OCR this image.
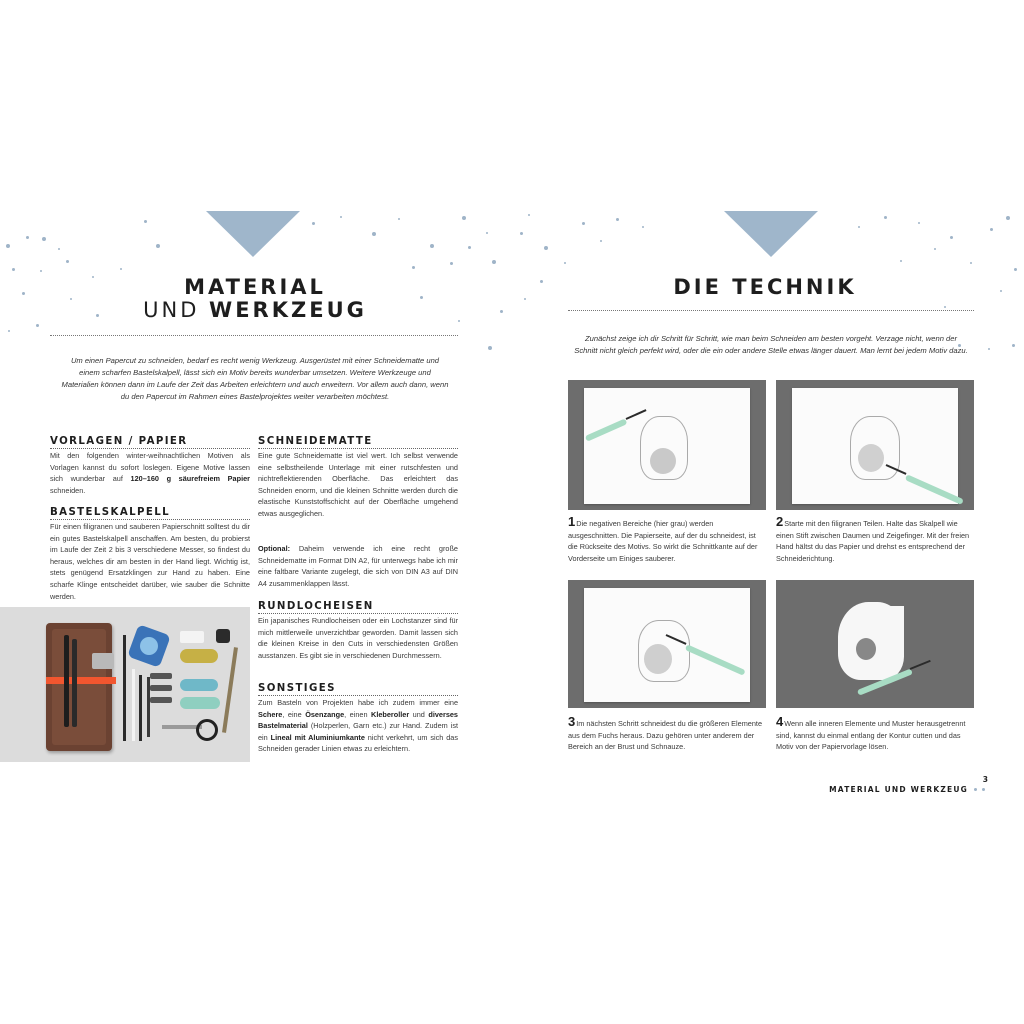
MATERIAL
UND WERKZEUG
Um einen Papercut zu schneiden, bedarf es recht wenig Werkzeug. Ausgerüstet mit einer Schneidematte und einem scharfen Bastelskalpell, lässt sich ein Motiv bereits wunderbar umsetzen. Weitere Werkzeuge und Materialien können dann im Laufe der Zeit das Arbeiten erleichtern und auch erweitern. Vor allem auch dann, wenn du den Papercut im Rahmen eines Bastelprojektes weiter verarbeiten möchtest.
VORLAGEN / PAPIER
Mit den folgenden winter-weihnachtlichen Motiven als Vorlagen kannst du sofort loslegen. Eigene Motive lassen sich wunderbar auf 120–160 g säurefreiem Papier schneiden.
BASTELSKALPELL
Für einen filigranen und sauberen Papierschnitt solltest du dir ein gutes Bastelskalpell anschaffen. Am besten, du probierst im Laufe der Zeit 2 bis 3 verschiedene Messer, so findest du heraus, welches dir am besten in der Hand liegt. Wichtig ist, stets genügend Ersatzklingen zur Hand zu haben. Eine scharfe Klinge entscheidet darüber, wie sauber die Schnitte werden.
SCHNEIDEMATTE
Eine gute Schneidematte ist viel wert. Ich selbst verwende eine selbstheilende Unterlage mit einer rutschfesten und nichtreflektierenden Oberfläche. Das erleichtert das Schneiden enorm, und die kleinen Schnitte werden durch die elastische Kunststoffschicht auf der Oberfläche umgehend etwas ausgeglichen.
Optional: Daheim verwende ich eine recht große Schneidematte im Format DIN A2, für unterwegs habe ich mir eine faltbare Variante zugelegt, die sich von DIN A3 auf DIN A4 zusammenklappen lässt.
RUNDLOCHEISEN
Ein japanisches Rundlocheisen oder ein Lochstanzer sind für mich mittlerweile unverzichtbar geworden. Damit lassen sich die kleinen Kreise in den Cuts in verschiedensten Größen ausstanzen. Es gibt sie in verschiedenen Durchmessern.
SONSTIGES
Zum Basteln von Projekten habe ich zudem immer eine Schere, eine Ösenzange, einen Kleberoller und diverses Bastelmaterial (Holzperlen, Garn etc.) zur Hand. Zudem ist ein Lineal mit Aluminiumkante nicht verkehrt, um sich das Schneiden gerader Linien etwas zu erleichtern.
DIE TECHNIK
Zunächst zeige ich dir Schritt für Schritt, wie man beim Schneiden am besten vorgeht. Verzage nicht, wenn der Schnitt nicht gleich perfekt wird, oder die ein oder andere Stelle etwas länger dauert. Man lernt bei jedem Motiv dazu.
1Die negativen Bereiche (hier grau) werden ausgeschnitten. Die Papierseite, auf der du schneidest, ist die Rückseite des Motivs. So wirkt die Schnittkante auf der Vorderseite um Einiges sauberer.
2Starte mit den filigranen Teilen. Halte das Skalpell wie einen Stift zwischen Daumen und Zeigefinger. Mit der freien Hand hältst du das Papier und drehst es entsprechend der Schneiderichtung.
3Im nächsten Schritt schneidest du die größeren Elemente aus dem Fuchs heraus. Dazu gehören unter anderem der Bereich an der Brust und Schnauze.
4Wenn alle inneren Elemente und Muster herausgetrennt sind, kannst du einmal entlang der Kontur cutten und das Motiv von der Papiervorlage lösen.
MATERIAL UND WERKZEUG
3
